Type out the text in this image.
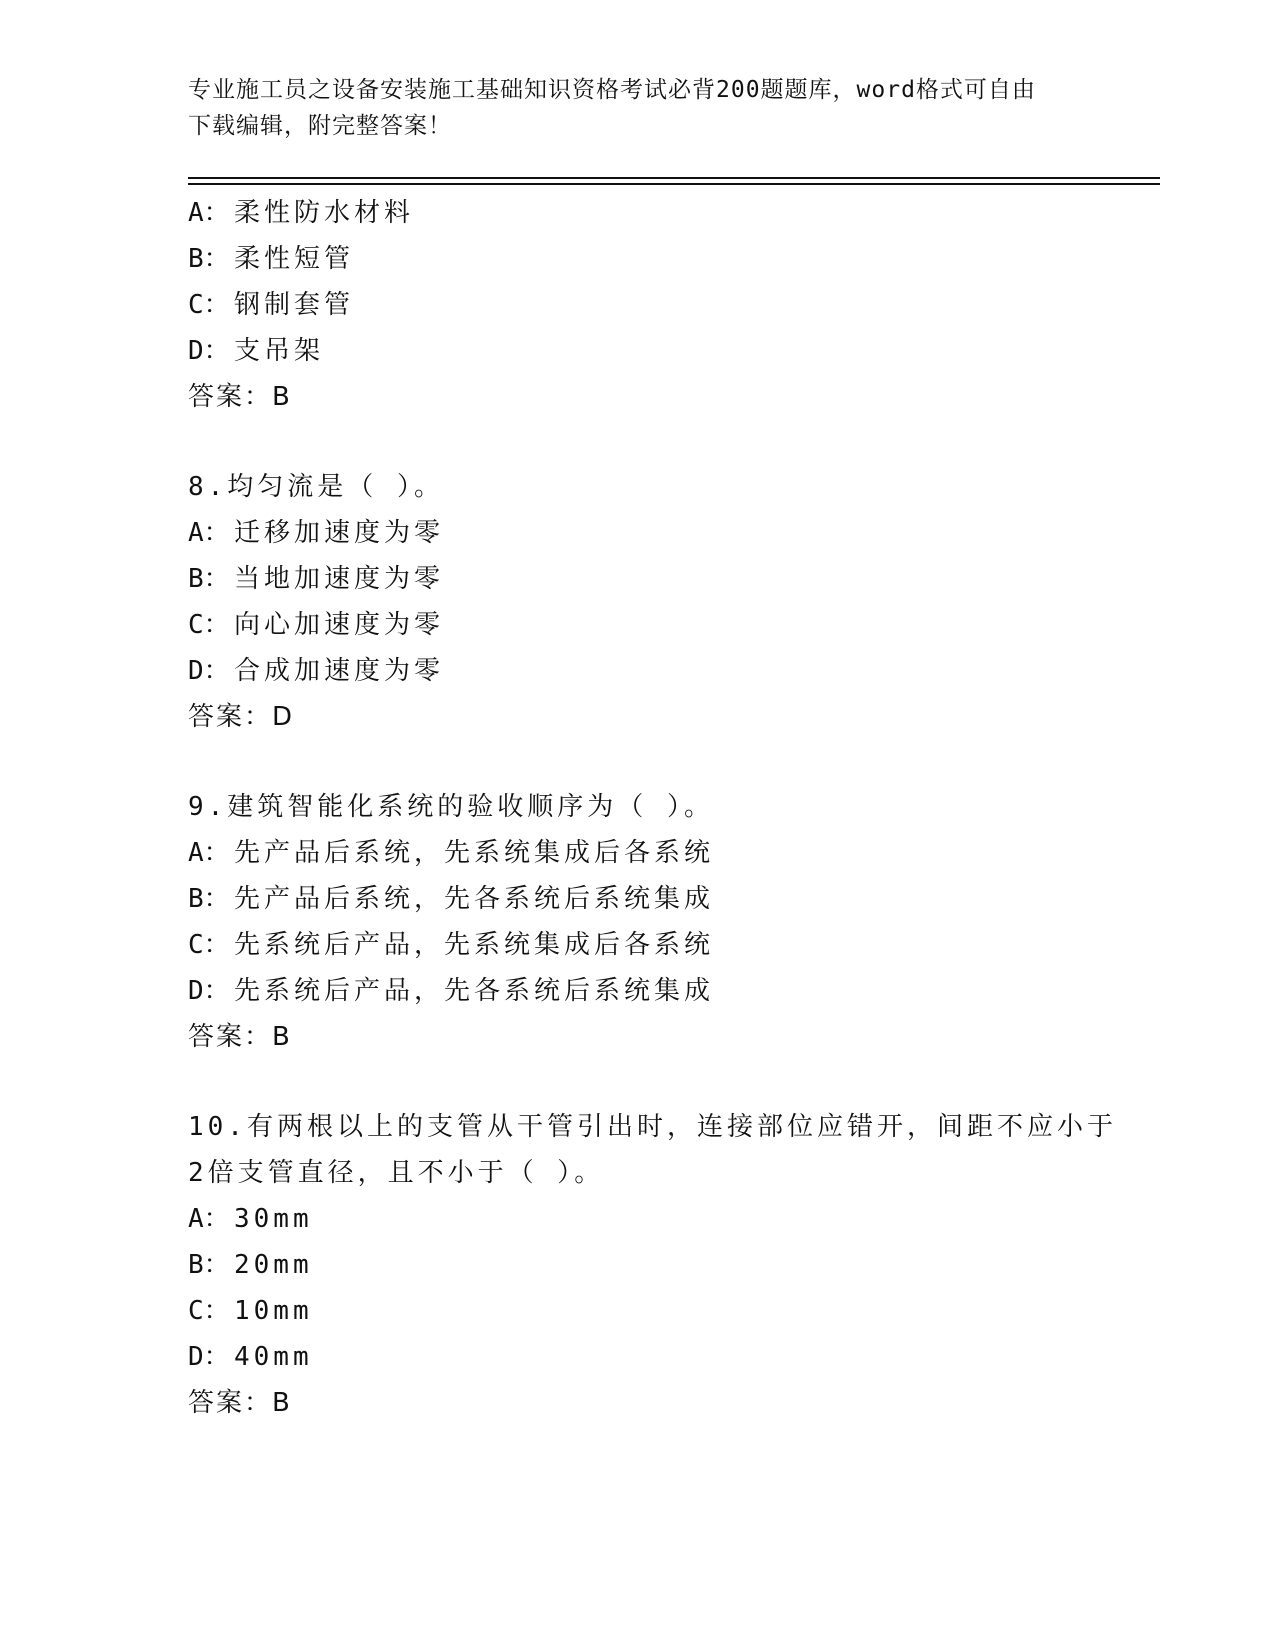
专业施工员之设备安装施工基础知识资格考试必背200题题库，word格式可自由
下载编辑，附完整答案！
A： 柔性防水材料
B： 柔性短管
C： 钢制套管
D： 支吊架
答案：B
8.均匀流是（ ）。
A： 迁移加速度为零
B： 当地加速度为零
C： 向心加速度为零
D： 合成加速度为零
答案：D
9.建筑智能化系统的验收顺序为（ ）。
A： 先产品后系统，先系统集成后各系统
B： 先产品后系统，先各系统后系统集成
C： 先系统后产品，先系统集成后各系统
D： 先系统后产品，先各系统后系统集成
答案：B
10.有两根以上的支管从干管引出时，连接部位应错开，间距不应小于
2倍支管直径，且不小于（ ）。
A： 30mm
B： 20mm
C： 10mm
D： 40mm
答案：B
